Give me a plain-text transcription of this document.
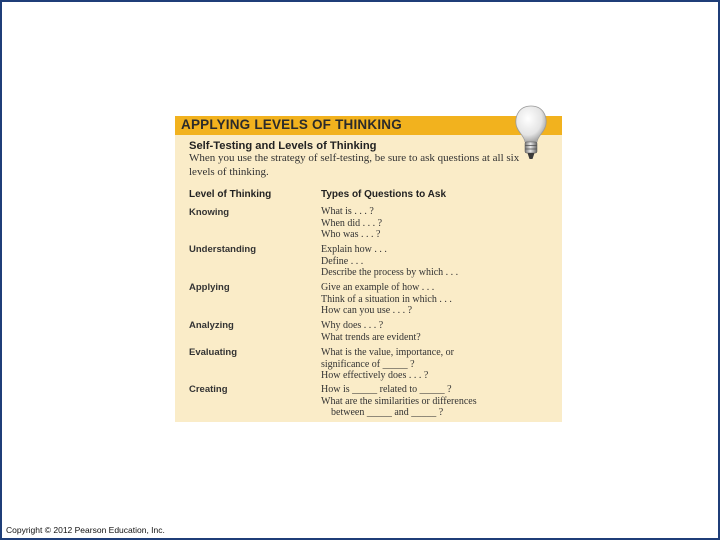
APPLYING LEVELS OF THINKING
Self-Testing and Levels of Thinking
When you use the strategy of self-testing, be sure to ask questions at all six levels of thinking.
Level of Thinking	Types of Questions to Ask
Knowing	What is . . . ?
When did . . . ?
Who was . . . ?
Understanding	Explain how . . .
Define . . .
Describe the process by which . . .
Applying	Give an example of how . . .
Think of a situation in which . . .
How can you use . . . ?
Analyzing	Why does . . . ?
What trends are evident?
Evaluating	What is the value, importance, or
significance of _____ ?
How effectively does . . . ?
Creating	How is _____ related to _____ ?
What are the similarities or differences
between _____ and _____ ?
Copyright © 2012 Pearson Education, Inc.
